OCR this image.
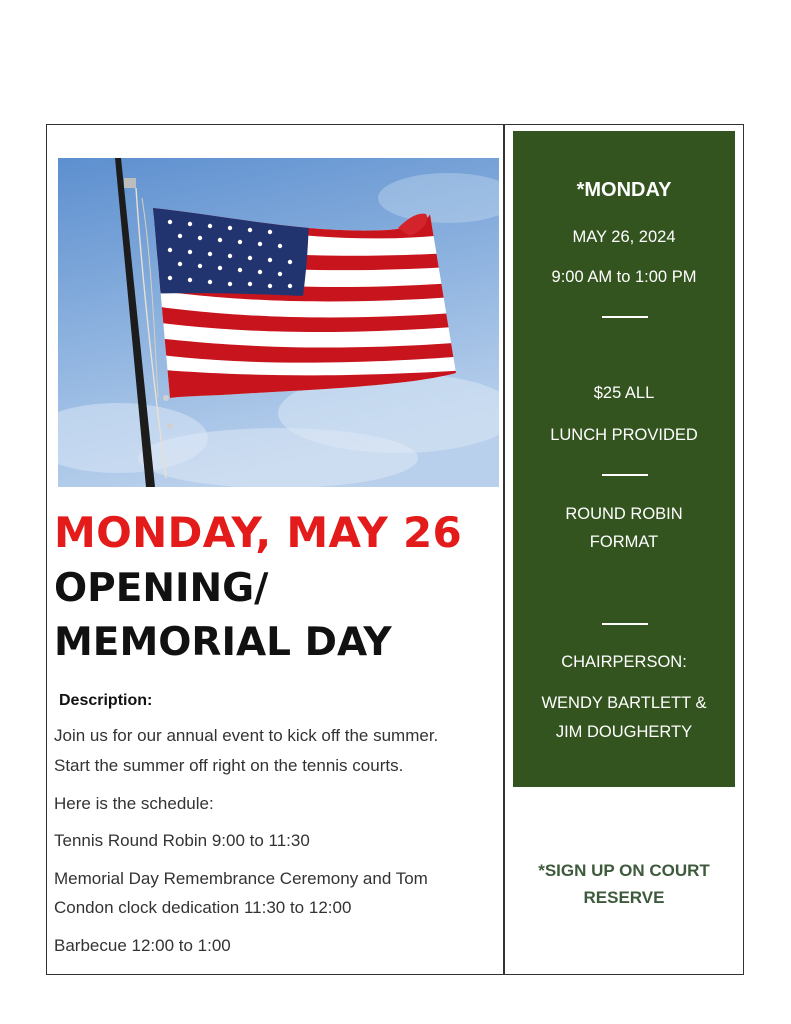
MONDAY, MAY 26
OPENING/
MEMORIAL DAY
Description:
Join us for our annual event to kick off the summer.
Start the summer off right on the tennis courts.
Here is the schedule:
Tennis Round Robin 9:00 to 11:30
Memorial Day Remembrance Ceremony and Tom
Condon clock dedication 11:30 to 12:00
Barbecue 12:00 to 1:00
*MONDAY
MAY 26, 2024
9:00 AM to 1:00 PM
$25 ALL
LUNCH PROVIDED
ROUND ROBIN
FORMAT
CHAIRPERSON:
WENDY BARTLETT &
JIM DOUGHERTY
*SIGN UP ON COURT
RESERVE
